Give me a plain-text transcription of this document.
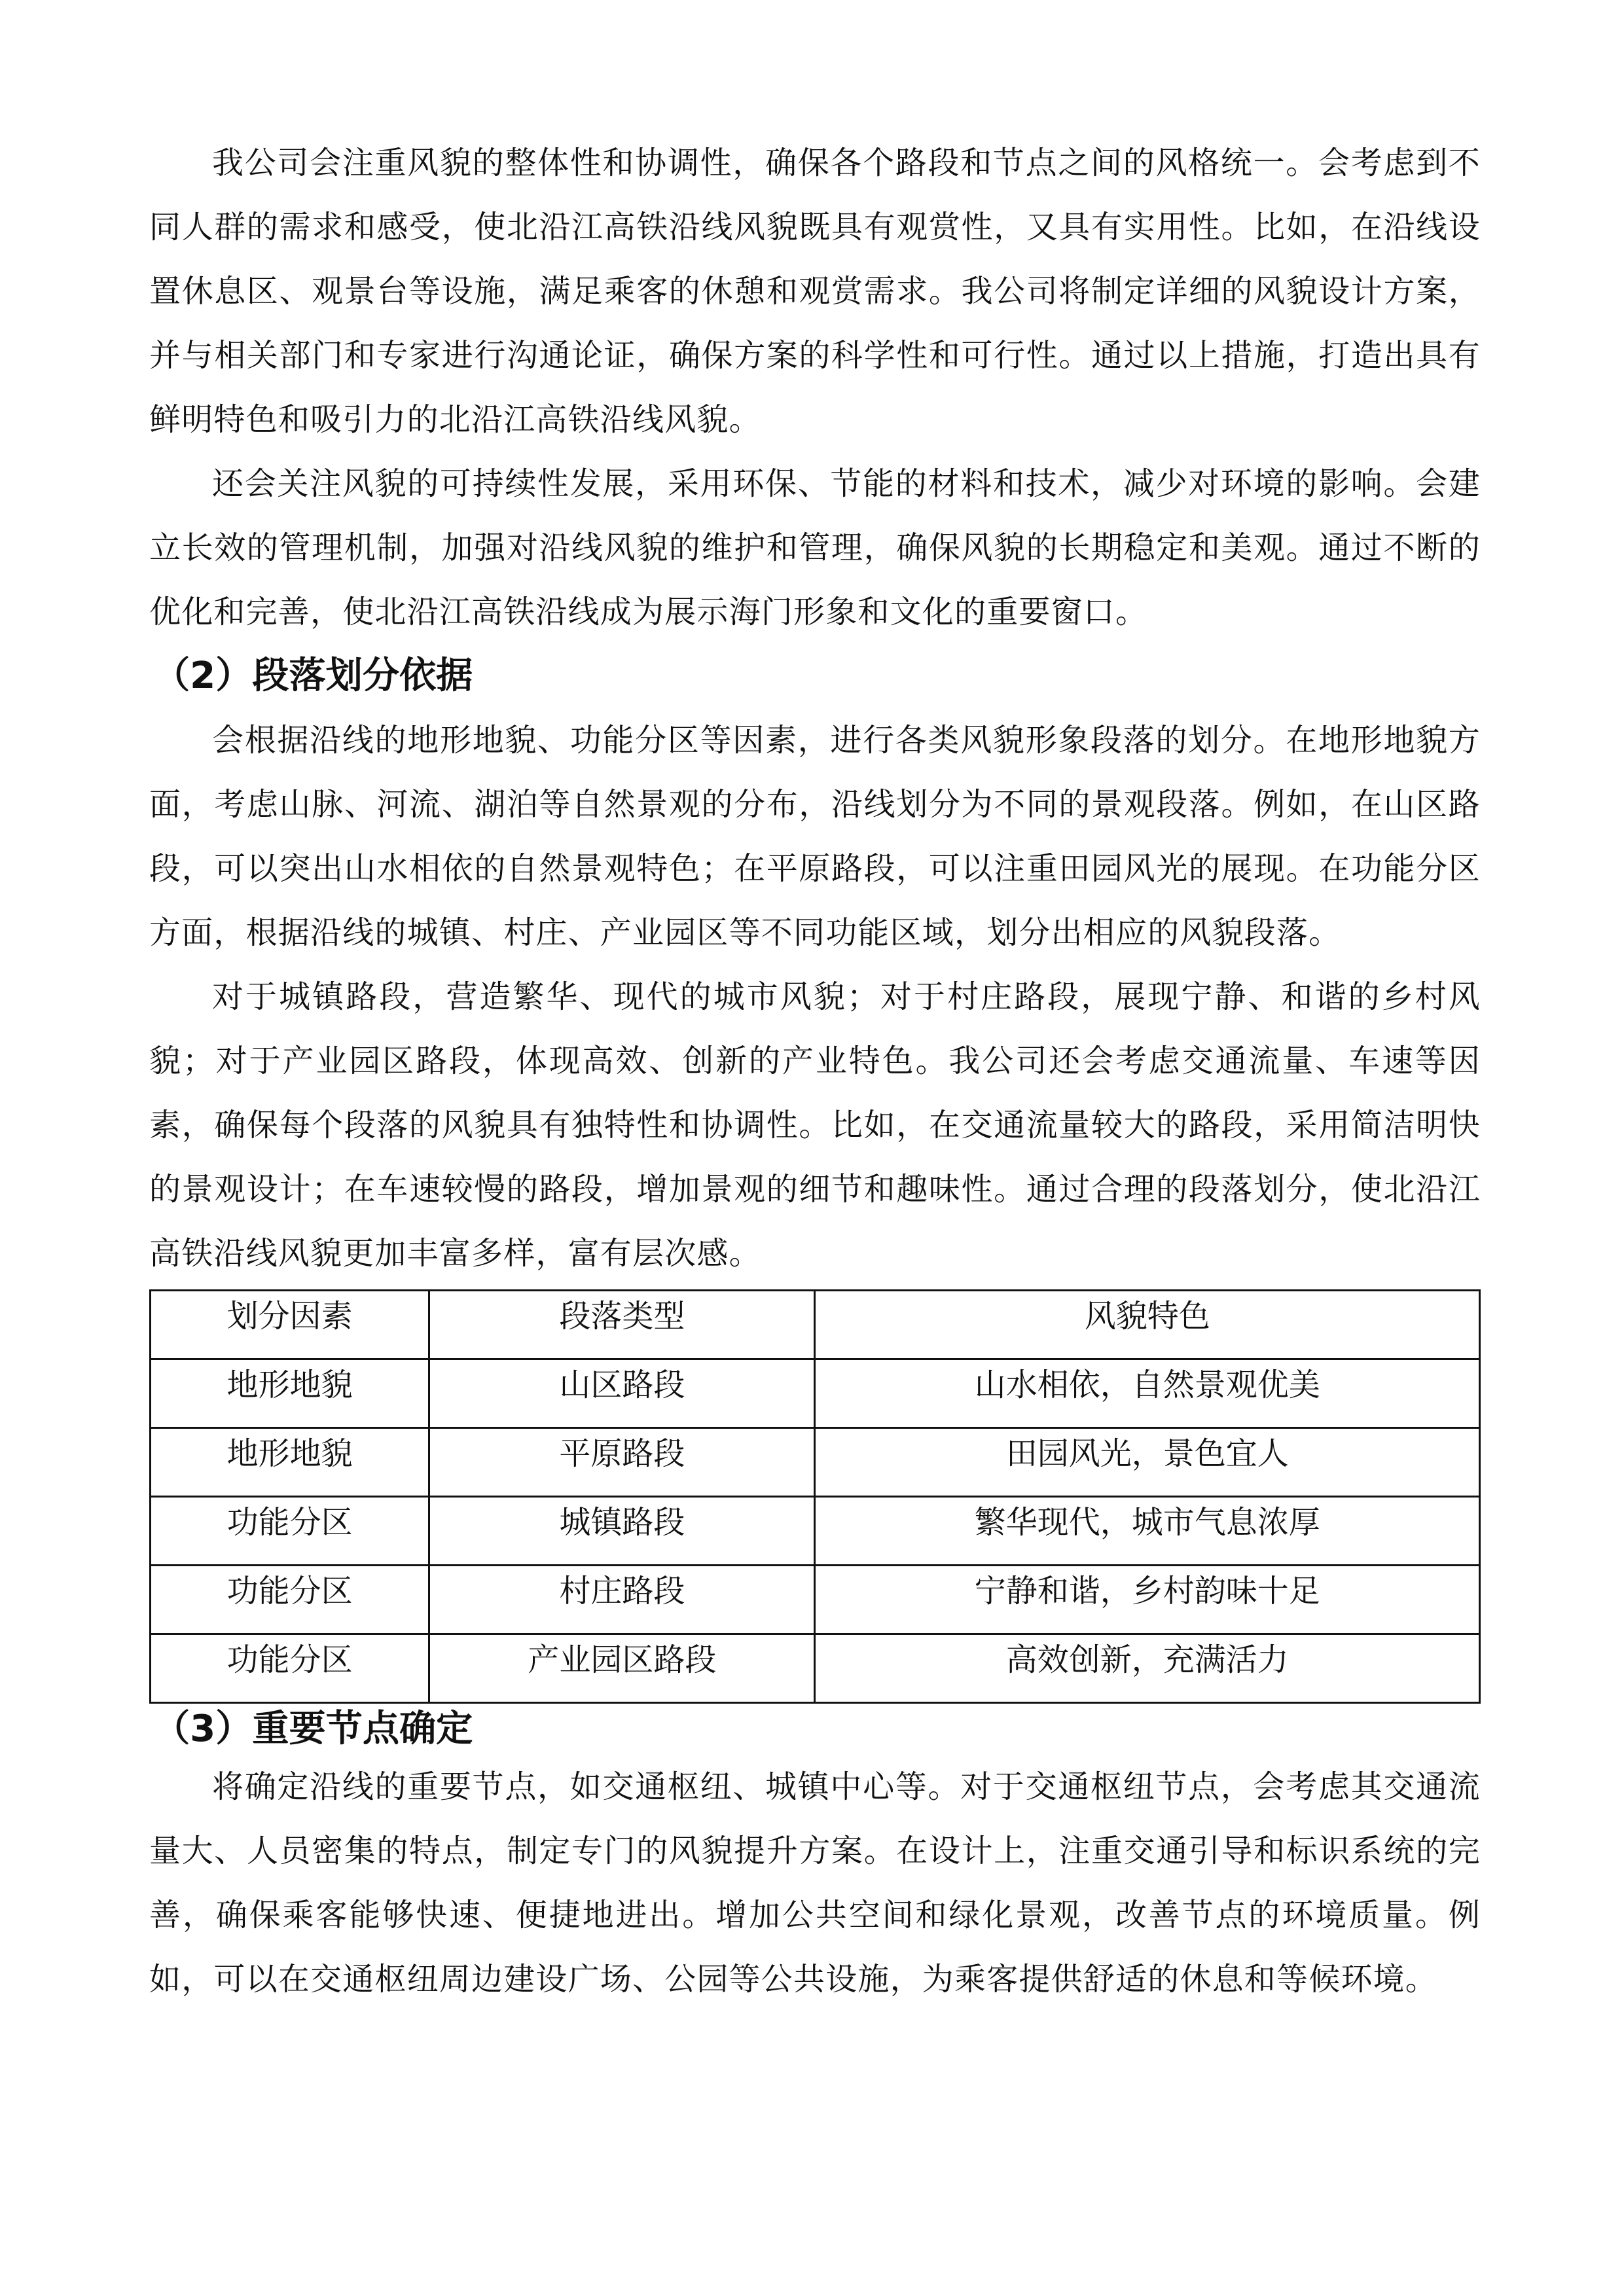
我公司会注重风貌的整体性和协调性，确保各个路段和节点之间的风格统一。会考虑到不同人群的需求和感受，使北沿江高铁沿线风貌既具有观赏性，又具有实用性。比如，在沿线设置休息区、观景台等设施，满足乘客的休憩和观赏需求。我公司将制定详细的风貌设计方案，并与相关部门和专家进行沟通论证，确保方案的科学性和可行性。通过以上措施，打造出具有鲜明特色和吸引力的北沿江高铁沿线风貌。

还会关注风貌的可持续性发展，采用环保、节能的材料和技术，减少对环境的影响。会建立长效的管理机制，加强对沿线风貌的维护和管理，确保风貌的长期稳定和美观。通过不断的优化和完善，使北沿江高铁沿线成为展示海门形象和文化的重要窗口。

（2）段落划分依据

会根据沿线的地形地貌、功能分区等因素，进行各类风貌形象段落的划分。在地形地貌方面，考虑山脉、河流、湖泊等自然景观的分布，沿线划分为不同的景观段落。例如，在山区路段，可以突出山水相依的自然景观特色；在平原路段，可以注重田园风光的展现。在功能分区方面，根据沿线的城镇、村庄、产业园区等不同功能区域，划分出相应的风貌段落。

对于城镇路段，营造繁华、现代的城市风貌；对于村庄路段，展现宁静、和谐的乡村风貌；对于产业园区路段，体现高效、创新的产业特色。我公司还会考虑交通流量、车速等因素，确保每个段落的风貌具有独特性和协调性。比如，在交通流量较大的路段，采用简洁明快的景观设计；在车速较慢的路段，增加景观的细节和趣味性。通过合理的段落划分，使北沿江高铁沿线风貌更加丰富多样，富有层次感。

划分因素	段落类型	风貌特色
地形地貌	山区路段	山水相依，自然景观优美
地形地貌	平原路段	田园风光，景色宜人
功能分区	城镇路段	繁华现代，城市气息浓厚
功能分区	村庄路段	宁静和谐，乡村韵味十足
功能分区	产业园区路段	高效创新，充满活力
（3）重要节点确定

将确定沿线的重要节点，如交通枢纽、城镇中心等。对于交通枢纽节点，会考虑其交通流量大、人员密集的特点，制定专门的风貌提升方案。在设计上，注重交通引导和标识系统的完善，确保乘客能够快速、便捷地进出。增加公共空间和绿化景观，改善节点的环境质量。例如，可以在交通枢纽周边建设广场、公园等公共设施，为乘客提供舒适的休息和等候环境。
